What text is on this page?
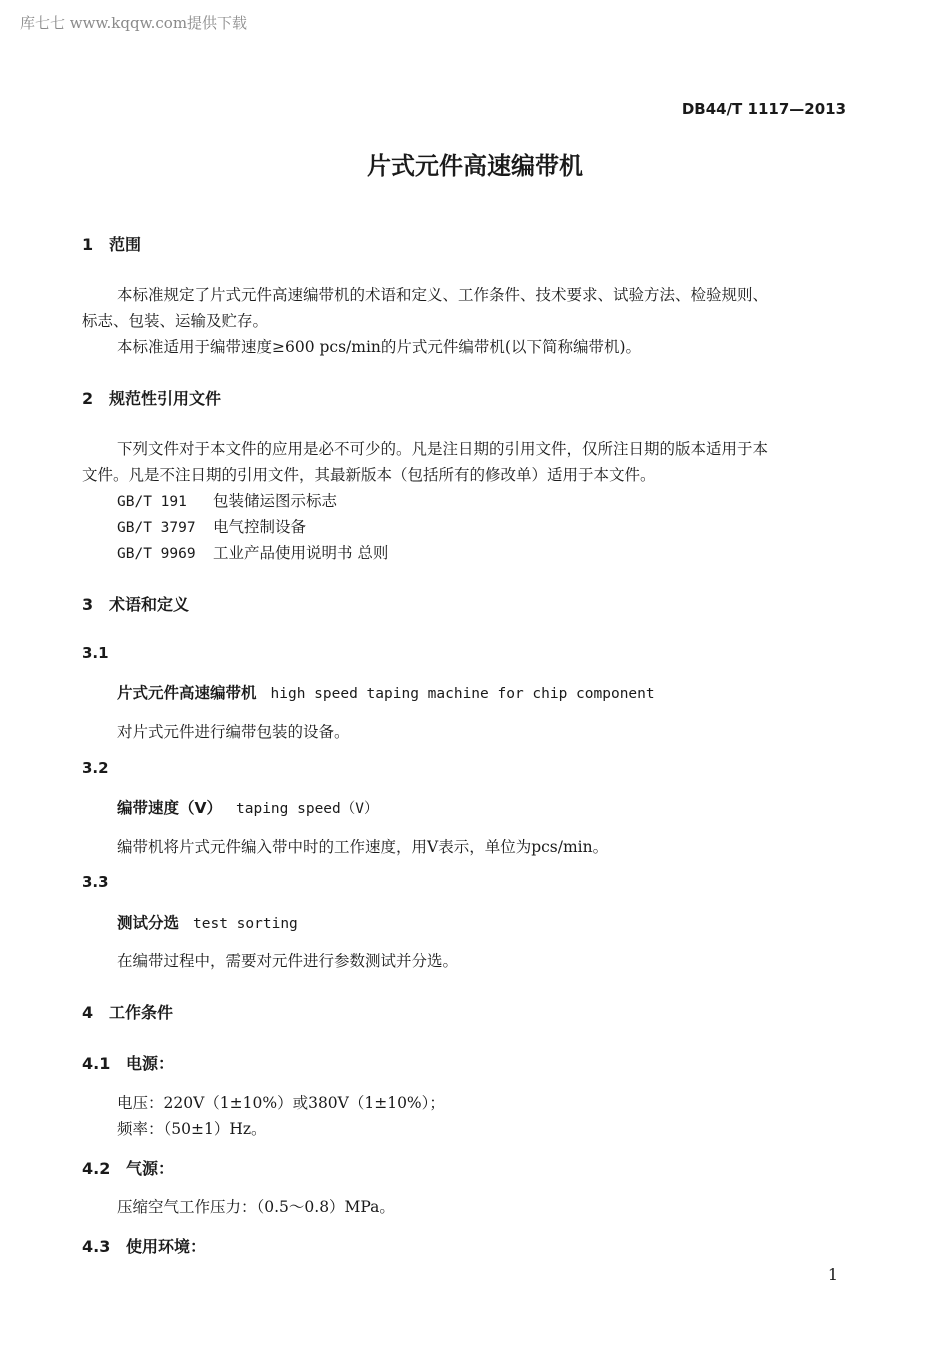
库七七 www.kqqw.com提供下载
DB44/T 1117—2013
片式元件高速编带机
1 范围
本标准规定了片式元件高速编带机的术语和定义、工作条件、技术要求、试验方法、检验规则、
标志、包装、运输及贮存。
本标准适用于编带速度≥600 pcs/min的片式元件编带机(以下简称编带机)。
2 规范性引用文件
下列文件对于本文件的应用是必不可少的。凡是注日期的引用文件，仅所注日期的版本适用于本
文件。凡是不注日期的引用文件，其最新版本（包括所有的修改单）适用于本文件。
GB/T 191 包装储运图示标志
GB/T 3797 电气控制设备
GB/T 9969 工业产品使用说明书 总则
3 术语和定义
3.1
片式元件高速编带机 high speed taping machine for chip component
对片式元件进行编带包装的设备。
3.2
编带速度（V） taping speed（V）
编带机将片式元件编入带中时的工作速度，用V表示，单位为pcs/min。
3.3
测试分选 test sorting
在编带过程中，需要对元件进行参数测试并分选。
4 工作条件
4.1 电源：
电压：220V（1±10%）或380V（1±10%）；
频率：（50±1）Hz。
4.2 气源：
压缩空气工作压力：（0.5～0.8）MPa。
4.3 使用环境：
1
